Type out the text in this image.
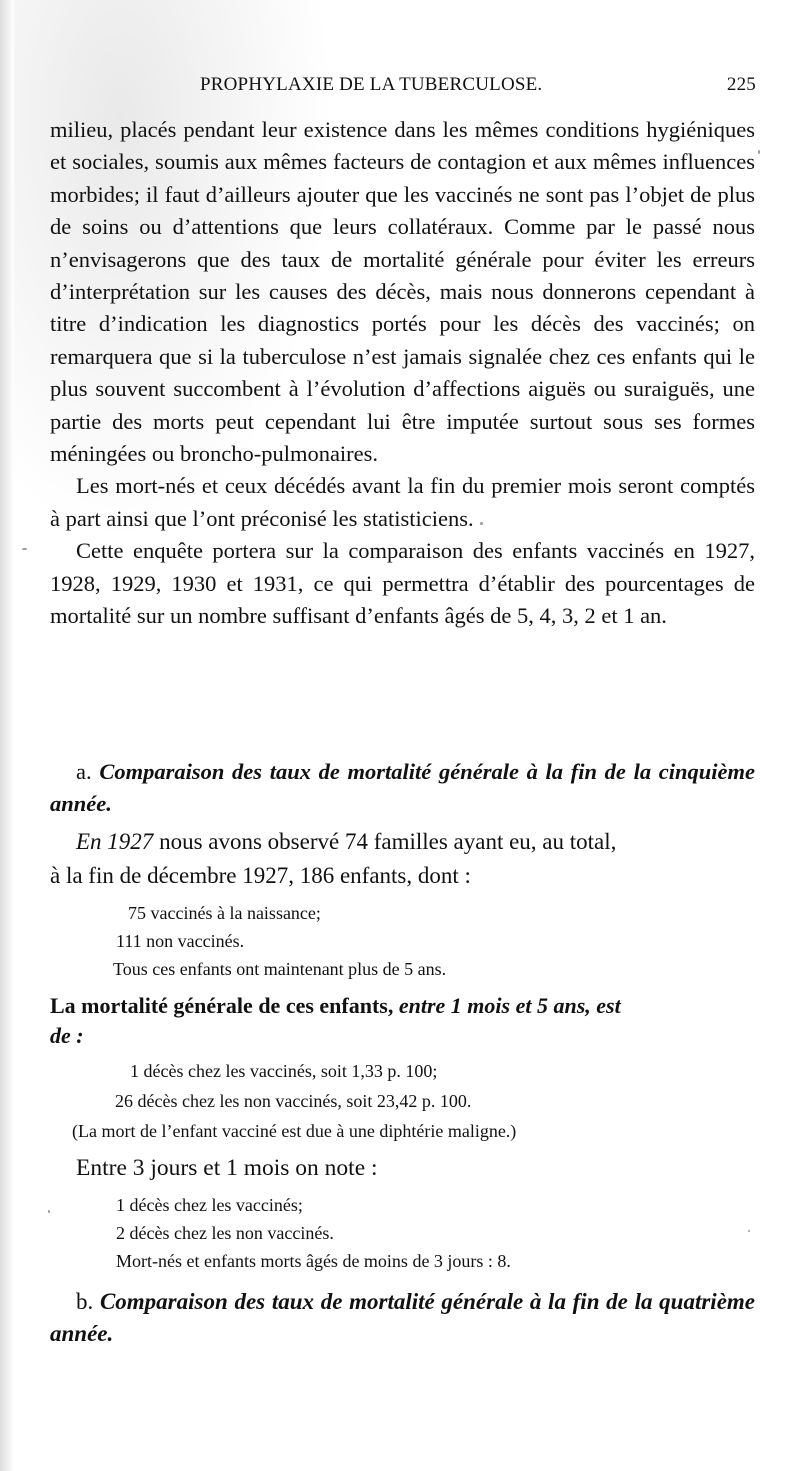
PROPHYLAXIE DE LA TUBERCULOSE.	225

milieu, placés pendant leur existence dans les mêmes conditions hygiéniques et sociales, soumis aux mêmes facteurs de contagion et aux mêmes influences morbides; il faut d’ailleurs ajouter que les vaccinés ne sont pas l’objet de plus de soins ou d’attentions que leurs collatéraux. Comme par le passé nous n’envisagerons que des taux de mortalité générale pour éviter les erreurs d’interprétation sur les causes des décès, mais nous donnerons cependant à titre d’indication les diagnostics portés pour les décès des vaccinés; on remarquera que si la tuberculose n’est jamais signalée chez ces enfants qui le plus souvent succombent à l’évolution d’affections aiguës ou suraiguës, une partie des morts peut cependant lui être imputée surtout sous ses formes méningées ou broncho-pulmonaires.

Les mort-nés et ceux décédés avant la fin du premier mois seront comptés à part ainsi que l’ont préconisé les statisticiens.

Cette enquête portera sur la comparaison des enfants vaccinés en 1927, 1928, 1929, 1930 et 1931, ce qui permettra d’établir des pourcentages de mortalité sur un nombre suffisant d’enfants âgés de 5, 4, 3, 2 et 1 an.

a. Comparaison des taux de mortalité générale à la fin de la cinquième année.
En 1927 nous avons observé 74 familles ayant eu, au total,
à la fin de décembre 1927, 186 enfants, dont :
75 vaccinés à la naissance;
111 non vaccinés.
Tous ces enfants ont maintenant plus de 5 ans.
La mortalité générale de ces enfants, entre 1 mois et 5 ans, est
de :
1 décès chez les vaccinés, soit 1,33 p. 100;
26 décès chez les non vaccinés, soit 23,42 p. 100.
(La mort de l’enfant vacciné est due à une diphtérie maligne.)
Entre 3 jours et 1 mois on note :
1 décès chez les vaccinés;
2 décès chez les non vaccinés.
Mort-nés et enfants morts âgés de moins de 3 jours : 8.
b. Comparaison des taux de mortalité générale à la fin de la quatrième année.
